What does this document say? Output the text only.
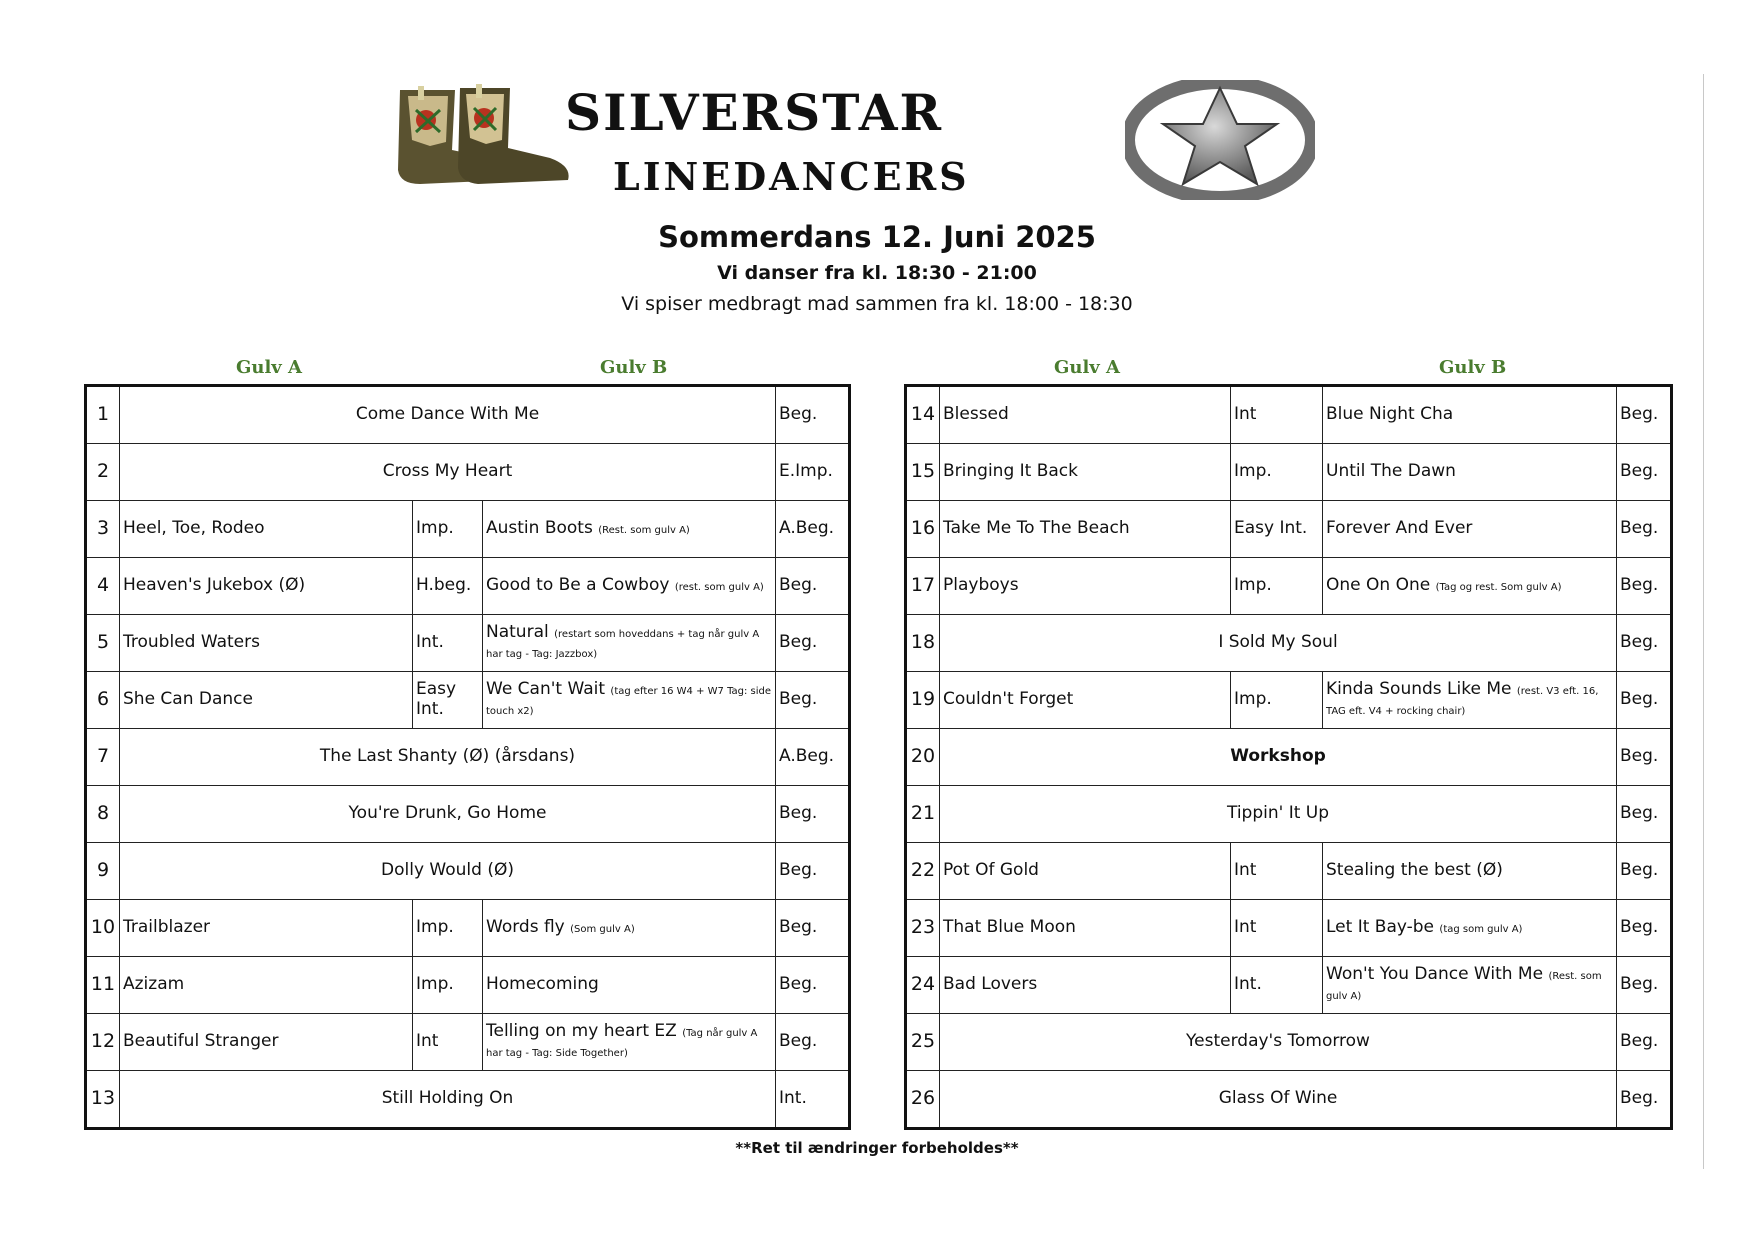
SILVERSTAR
LINEDANCERS
Sommerdans 12. Juni 2025
Vi danser fra kl. 18:30 - 21:00
Vi spiser medbragt mad sammen fra kl. 18:00 - 18:30
Gulv A	Gulv B	Gulv A	Gulv B
1	Come Dance With Me			Beg.
2	Cross My Heart			E.Imp.
3	Heel, Toe, Rodeo	Imp.	Austin Boots (Rest. som gulv A)	A.Beg.
4	Heaven's Jukebox (Ø)	H.beg.	Good to Be a Cowboy (rest. som gulv A)	Beg.
5	Troubled Waters	Int.	Natural (restart som hoveddans + tag når gulv A har tag - Tag: Jazzbox)	Beg.
6	She Can Dance	Easy Int.	We Can't Wait (tag efter 16 W4 + W7 Tag: side touch x2)	Beg.
7	The Last Shanty (Ø) (årsdans)			A.Beg.
8	You're Drunk, Go Home			Beg.
9	Dolly Would (Ø)			Beg.
10	Trailblazer	Imp.	Words fly (Som gulv A)	Beg.
11	Azizam	Imp.	Homecoming	Beg.
12	Beautiful Stranger	Int	Telling on my heart EZ (Tag når gulv A har tag - Tag: Side Together)	Beg.
13	Still Holding On			Int.
14	Blessed	Int	Blue Night Cha	Beg.
15	Bringing It Back	Imp.	Until The Dawn	Beg.
16	Take Me To The Beach	Easy Int.	Forever And Ever	Beg.
17	Playboys	Imp.	One On One (Tag og rest. Som gulv A)	Beg.
18	I Sold My Soul			Beg.
19	Couldn't Forget	Imp.	Kinda Sounds Like Me (rest. V3 eft. 16, TAG eft. V4 + rocking chair)	Beg.
20	Workshop			Beg.
21	Tippin' It Up			Beg.
22	Pot Of Gold	Int	Stealing the best (Ø)	Beg.
23	That Blue Moon	Int	Let It Bay-be (tag som gulv A)	Beg.
24	Bad Lovers	Int.	Won't You Dance With Me (Rest. som gulv A)	Beg.
25	Yesterday's Tomorrow			Beg.
26	Glass Of Wine			Beg.
**Ret til ændringer forbeholdes**
